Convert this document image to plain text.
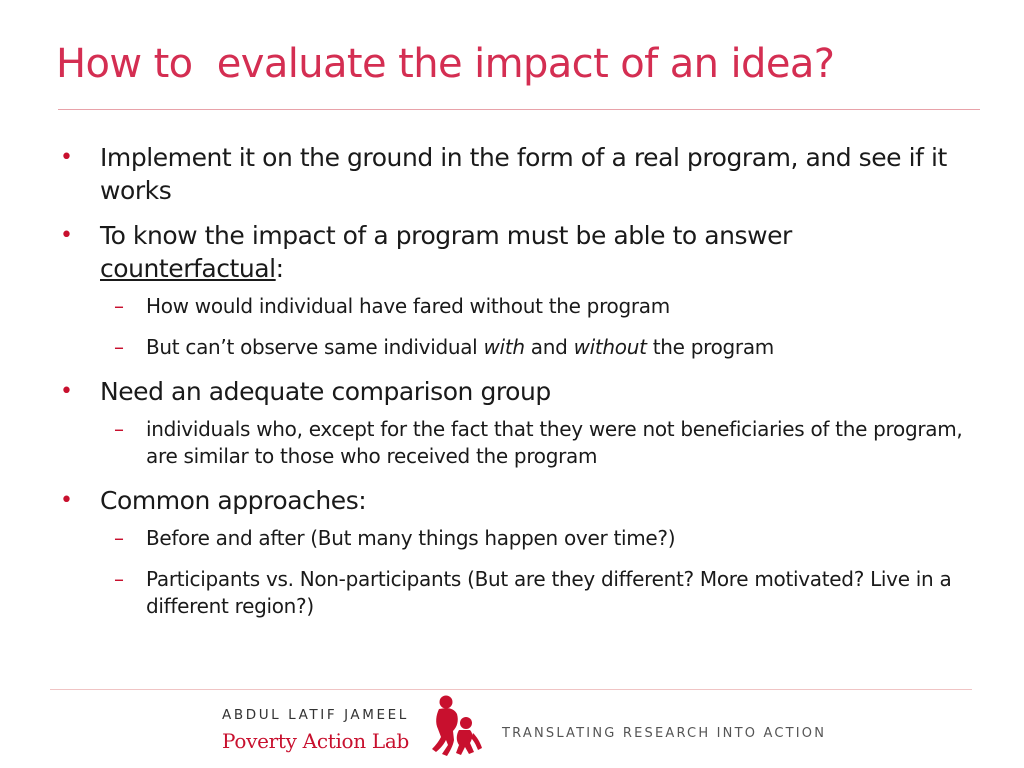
How to  evaluate the impact of an idea?
• Implement it on the ground in the form of a real program, and see if it works
• To know the impact of a program must be able to answer counterfactual:
– How would individual have fared without the program
– But can’t observe same individual with and without the program
• Need an adequate comparison group
– individuals who, except for the fact that they were not beneficiaries of the program, are similar to those who received the program
• Common approaches:
– Before and after (But many things happen over time?)
– Participants vs. Non-participants (But are they different? More motivated? Live in a different region?)
ABDUL LATIF JAMEEL
Poverty Action Lab	TRANSLATING RESEARCH INTO ACTION
